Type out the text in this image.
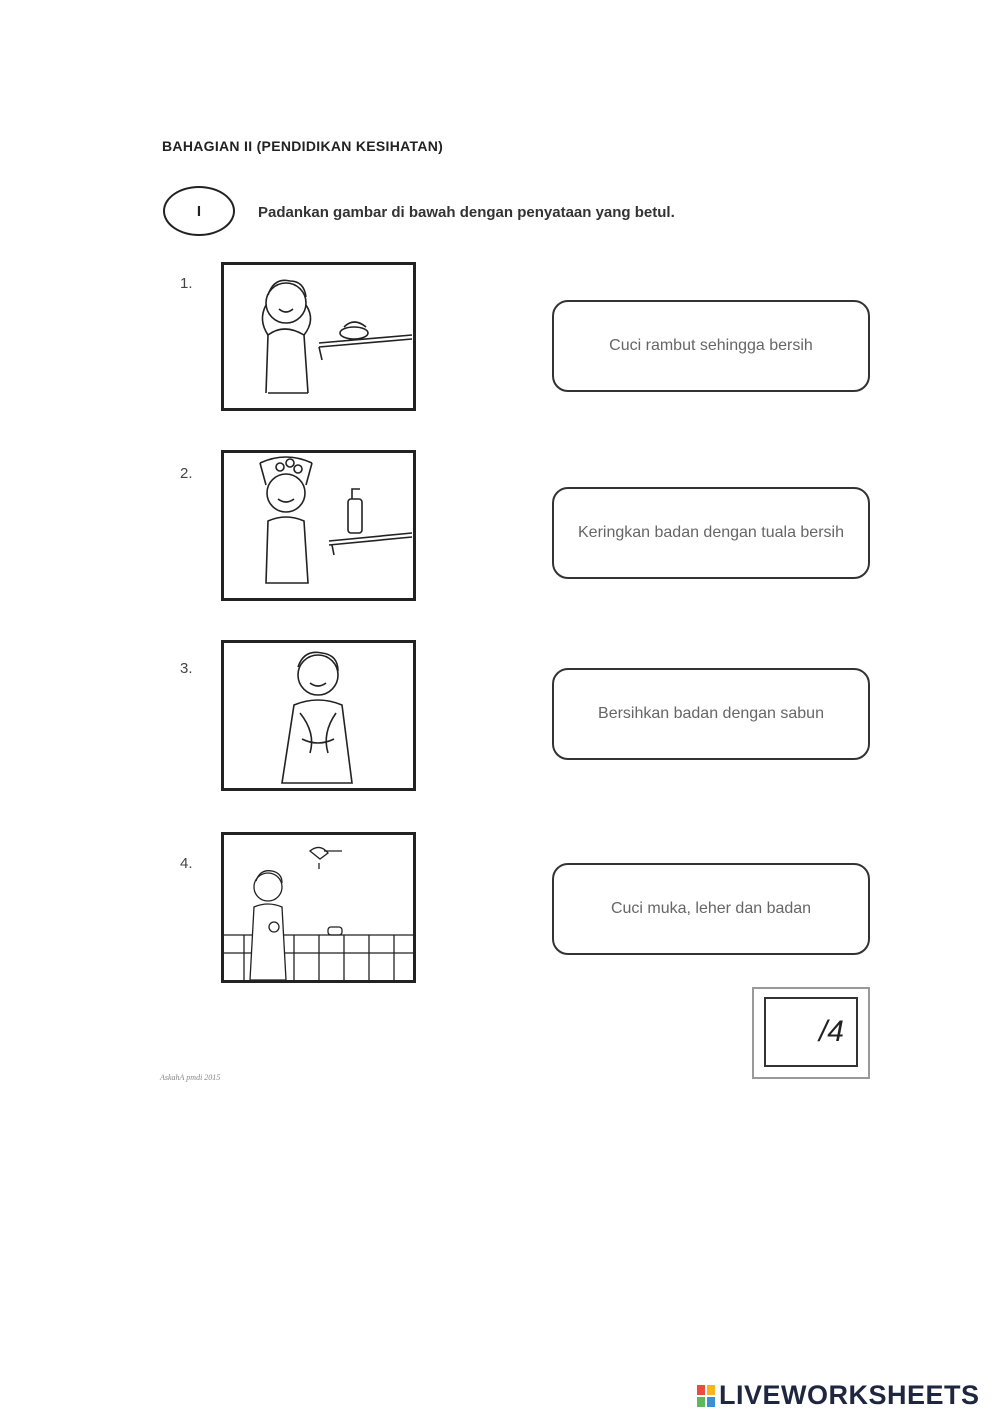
BAHAGIAN II (PENDIDIKAN KESIHATAN)
I	Padankan gambar di bawah dengan penyataan yang betul.
1.
Cuci rambut sehingga bersih
2.
Keringkan badan dengan tuala bersih
3.
Bersihkan badan dengan sabun
4.
Cuci muka, leher dan badan
/4
AskahA pmdi 2015
LIVEWORKSHEETS
